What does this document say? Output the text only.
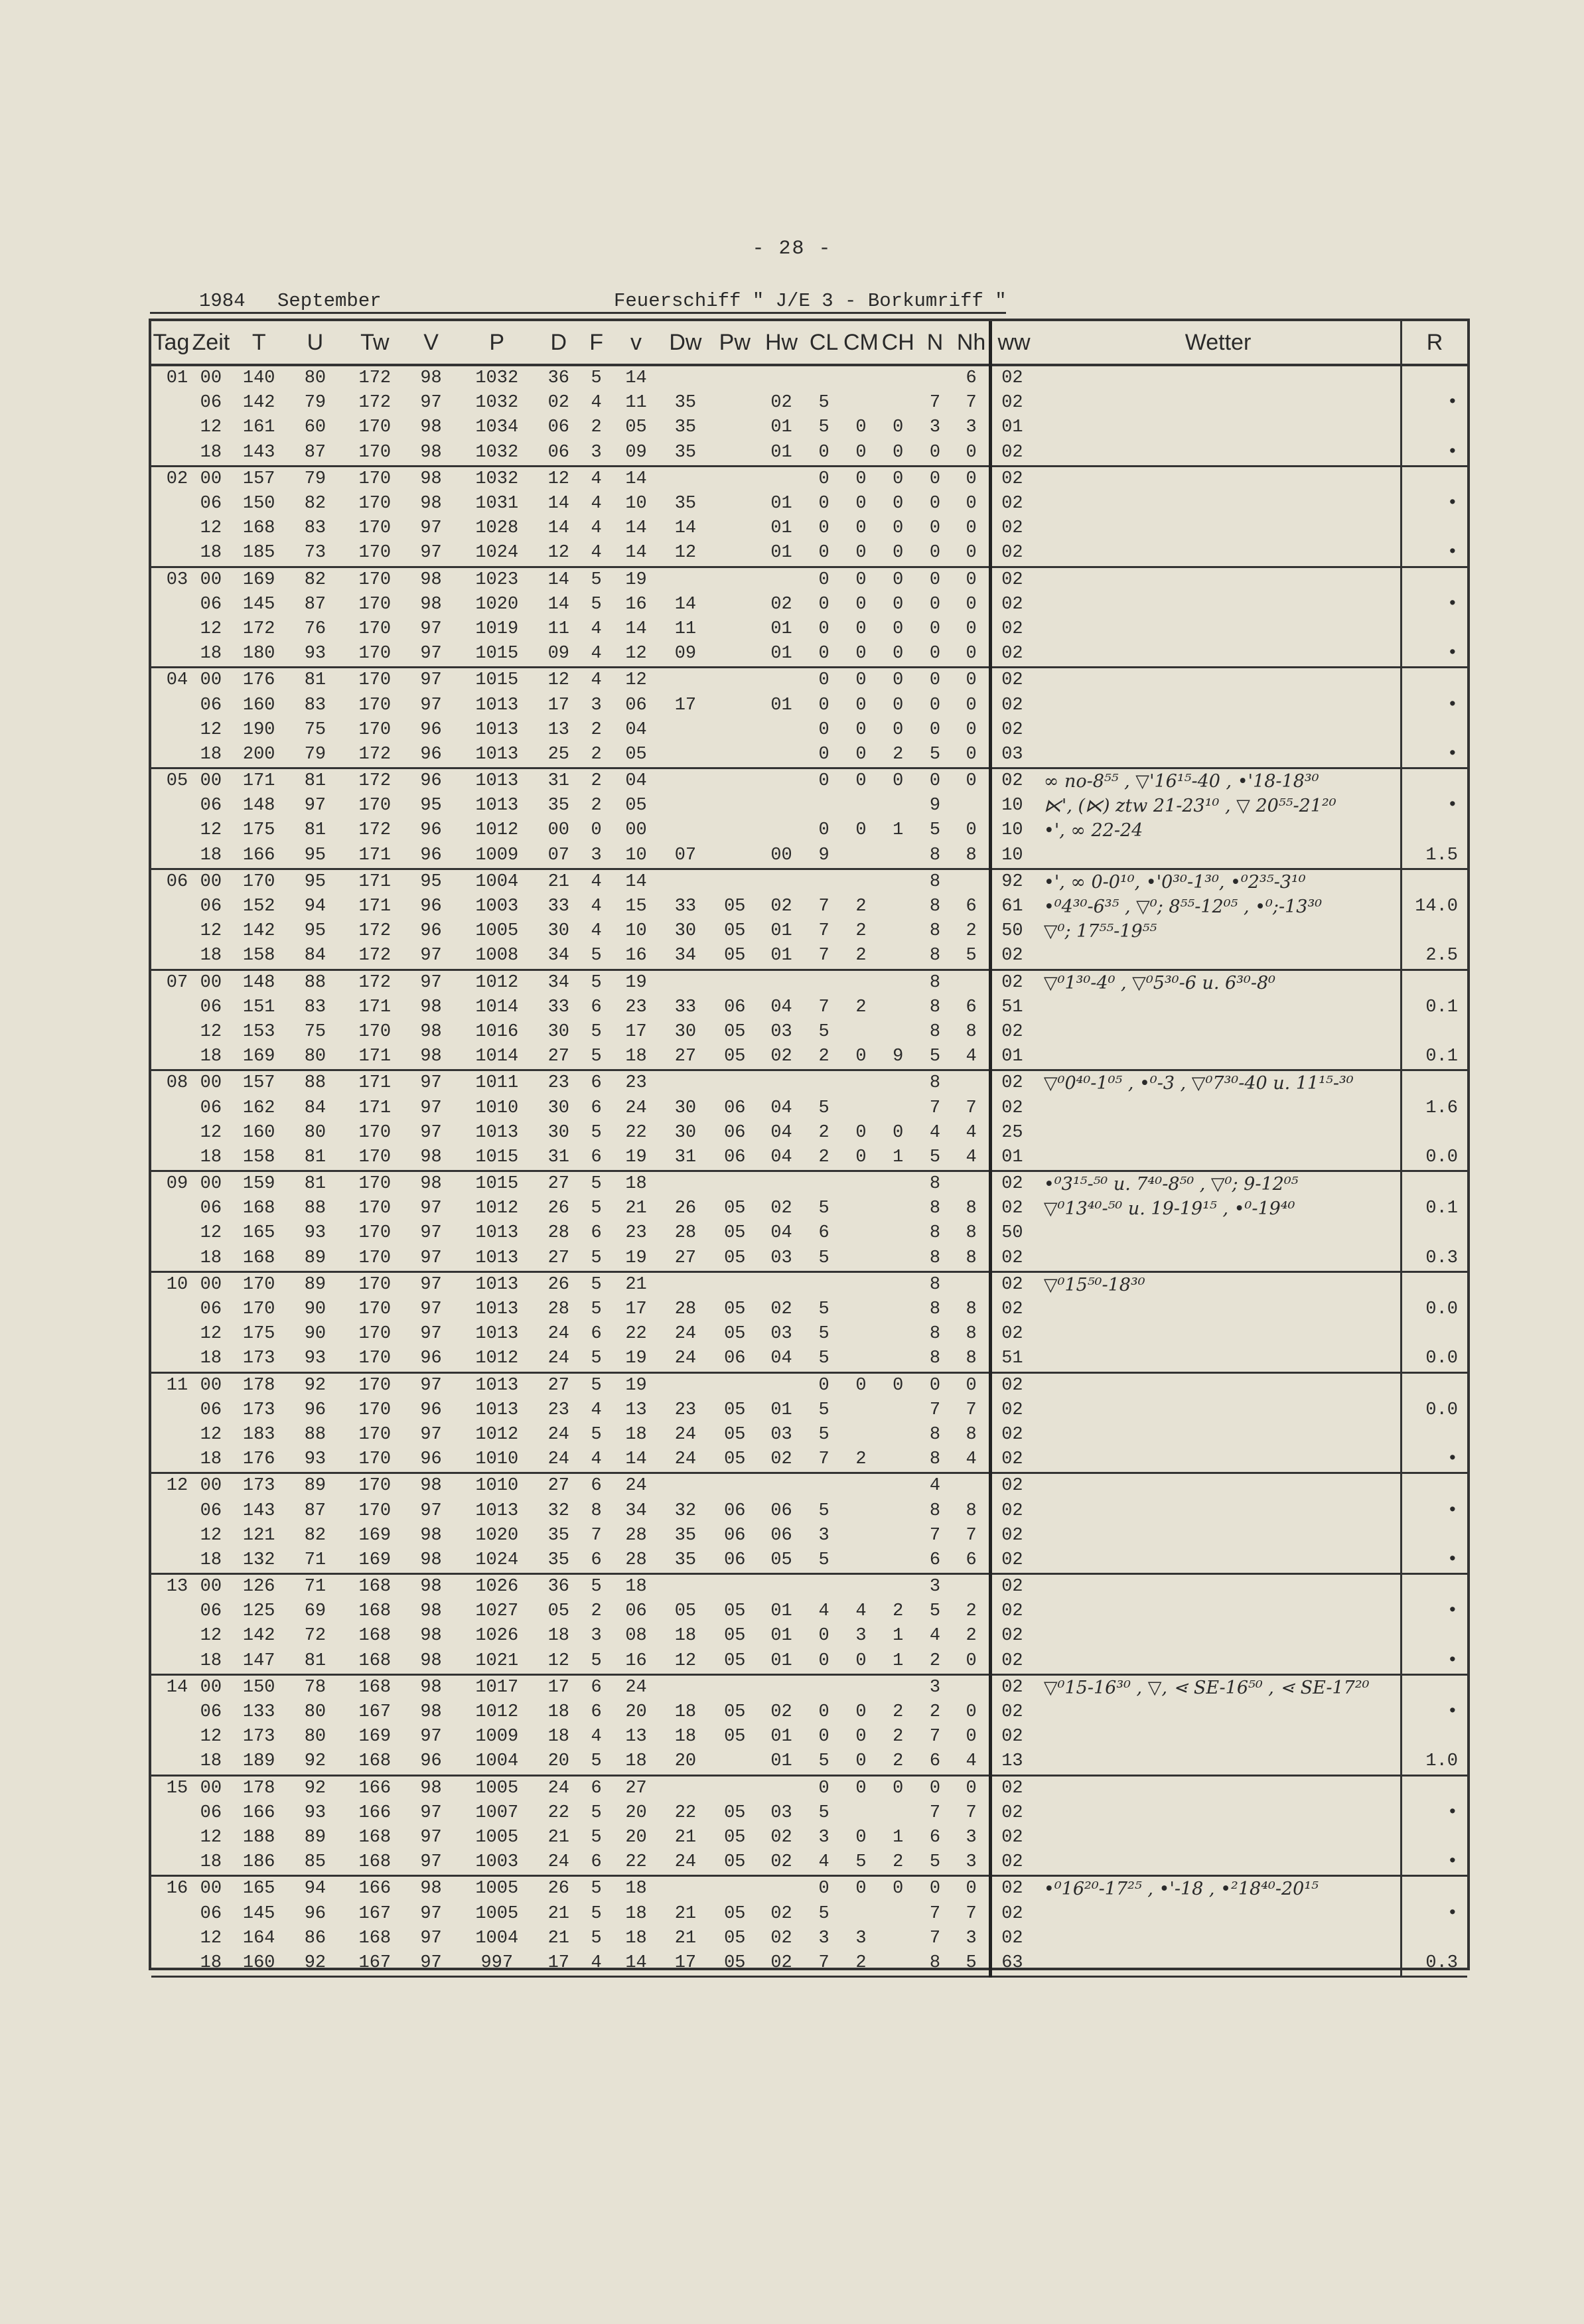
- 28 -
1984 September	Feuerschiff " J/E 3 - Borkumriff "
Tag	Zeit	T	U	Tw	V	P	D	F	v	Dw	Pw	Hw	CL	CM	CH	N	Nh	ww	Wetter	R
01	00	140	80	172	98	1032	36	5	14								6	02		
	06	142	79	172	97	1032	02	4	11	35		02	5			7	7	02		•
	12	161	60	170	98	1034	06	2	05	35		01	5	0	0	3	3	01		
	18	143	87	170	98	1032	06	3	09	35		01	0	0	0	0	0	02		•
02	00	157	79	170	98	1032	12	4	14				0	0	0	0	0	02		
	06	150	82	170	98	1031	14	4	10	35		01	0	0	0	0	0	02		•
	12	168	83	170	97	1028	14	4	14	14		01	0	0	0	0	0	02		
	18	185	73	170	97	1024	12	4	14	12		01	0	0	0	0	0	02		•
03	00	169	82	170	98	1023	14	5	19				0	0	0	0	0	02		
	06	145	87	170	98	1020	14	5	16	14		02	0	0	0	0	0	02		•
	12	172	76	170	97	1019	11	4	14	11		01	0	0	0	0	0	02		
	18	180	93	170	97	1015	09	4	12	09		01	0	0	0	0	0	02		•
04	00	176	81	170	97	1015	12	4	12				0	0	0	0	0	02		
	06	160	83	170	97	1013	17	3	06	17		01	0	0	0	0	0	02		•
	12	190	75	170	96	1013	13	2	04				0	0	0	0	0	02		
	18	200	79	172	96	1013	25	2	05				0	0	2	5	0	03		•
05	00	171	81	172	96	1013	31	2	04				0	0	0	0	0	02	∞ no-8⁵⁵ , ▽'16¹⁵-40 , •'18-18³⁰	
	06	148	97	170	95	1013	35	2	05							9		10	⋉', (⋉) ztw 21-23¹⁰ , ▽ 20⁵⁵-21²⁰	•
	12	175	81	172	96	1012	00	0	00				0	0	1	5	0	10	•', ∞ 22-24	
	18	166	95	171	96	1009	07	3	10	07		00	9			8	8	10		1.5
06	00	170	95	171	95	1004	21	4	14							8		92	•', ∞ 0-0¹⁰, •'0³⁰-1³⁰, •⁰2³⁵-3¹⁰	
	06	152	94	171	96	1003	33	4	15	33	05	02	7	2		8	6	61	•⁰4³⁰-6³⁵ , ▽⁰; 8⁵⁵-12⁰⁵ , •⁰;-13³⁰	14.0
	12	142	95	172	96	1005	30	4	10	30	05	01	7	2		8	2	50	▽⁰; 17⁵⁵-19⁵⁵	
	18	158	84	172	97	1008	34	5	16	34	05	01	7	2		8	5	02		2.5
07	00	148	88	172	97	1012	34	5	19							8		02	▽⁰1³⁰-4⁰ , ▽⁰5³⁰-6 u. 6³⁰-8⁰	
	06	151	83	171	98	1014	33	6	23	33	06	04	7	2		8	6	51		0.1
	12	153	75	170	98	1016	30	5	17	30	05	03	5			8	8	02		
	18	169	80	171	98	1014	27	5	18	27	05	02	2	0	9	5	4	01		0.1
08	00	157	88	171	97	1011	23	6	23							8		02	▽⁰0⁴⁰-1⁰⁵ , •⁰-3 , ▽⁰7³⁰-40 u. 11¹⁵-³⁰	
	06	162	84	171	97	1010	30	6	24	30	06	04	5			7	7	02		1.6
	12	160	80	170	97	1013	30	5	22	30	06	04	2	0	0	4	4	25		
	18	158	81	170	98	1015	31	6	19	31	06	04	2	0	1	5	4	01		0.0
09	00	159	81	170	98	1015	27	5	18							8		02	•⁰3¹⁵-⁵⁰ u. 7⁴⁰-8⁵⁰ , ▽⁰; 9-12⁰⁵	
	06	168	88	170	97	1012	26	5	21	26	05	02	5			8	8	02	▽⁰13⁴⁰-⁵⁰ u. 19-19¹⁵ , •⁰-19⁴⁰	0.1
	12	165	93	170	97	1013	28	6	23	28	05	04	6			8	8	50		
	18	168	89	170	97	1013	27	5	19	27	05	03	5			8	8	02		0.3
10	00	170	89	170	97	1013	26	5	21							8		02	▽⁰15⁵⁰-18³⁰	
	06	170	90	170	97	1013	28	5	17	28	05	02	5			8	8	02		0.0
	12	175	90	170	97	1013	24	6	22	24	05	03	5			8	8	02		
	18	173	93	170	96	1012	24	5	19	24	06	04	5			8	8	51		0.0
11	00	178	92	170	97	1013	27	5	19				0	0	0	0	0	02		
	06	173	96	170	96	1013	23	4	13	23	05	01	5			7	7	02		0.0
	12	183	88	170	97	1012	24	5	18	24	05	03	5			8	8	02		
	18	176	93	170	96	1010	24	4	14	24	05	02	7	2		8	4	02		•
12	00	173	89	170	98	1010	27	6	24							4		02		
	06	143	87	170	97	1013	32	8	34	32	06	06	5			8	8	02		•
	12	121	82	169	98	1020	35	7	28	35	06	06	3			7	7	02		
	18	132	71	169	98	1024	35	6	28	35	06	05	5			6	6	02		•
13	00	126	71	168	98	1026	36	5	18							3		02		
	06	125	69	168	98	1027	05	2	06	05	05	01	4	4	2	5	2	02		•
	12	142	72	168	98	1026	18	3	08	18	05	01	0	3	1	4	2	02		
	18	147	81	168	98	1021	12	5	16	12	05	01	0	0	1	2	0	02		•
14	00	150	78	168	98	1017	17	6	24							3		02	▽⁰15-16³⁰ , ▽, ⋖ SE-16⁵⁰ , ⋖ SE-17²⁰	
	06	133	80	167	98	1012	18	6	20	18	05	02	0	0	2	2	0	02		•
	12	173	80	169	97	1009	18	4	13	18	05	01	0	0	2	7	0	02		
	18	189	92	168	96	1004	20	5	18	20		01	5	0	2	6	4	13		1.0
15	00	178	92	166	98	1005	24	6	27				0	0	0	0	0	02		
	06	166	93	166	97	1007	22	5	20	22	05	03	5			7	7	02		•
	12	188	89	168	97	1005	21	5	20	21	05	02	3	0	1	6	3	02		
	18	186	85	168	97	1003	24	6	22	24	05	02	4	5	2	5	3	02		•
16	00	165	94	166	98	1005	26	5	18				0	0	0	0	0	02	•⁰16²⁰-17²⁵ , •'-18 , •²18⁴⁰-20¹⁵	
	06	145	96	167	97	1005	21	5	18	21	05	02	5			7	7	02		•
	12	164	86	168	97	1004	21	5	18	21	05	02	3	3		7	3	02		
	18	160	92	167	97	997	17	4	14	17	05	02	7	2		8	5	63		0.3
